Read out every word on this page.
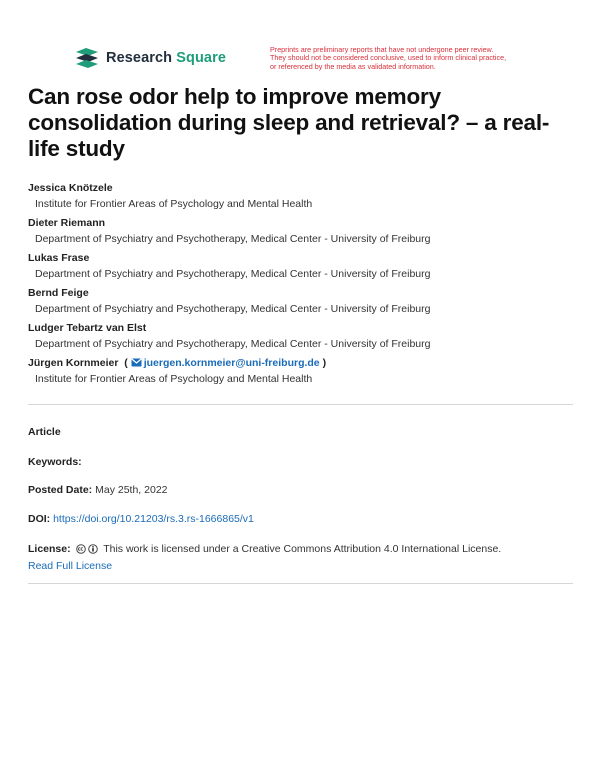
Research Square
Preprints are preliminary reports that have not undergone peer review.
They should not be considered conclusive, used to inform clinical practice,
or referenced by the media as validated information.
Can rose odor help to improve memory consolidation during sleep and retrieval? – a real-life study
Jessica Knötzele
Institute for Frontier Areas of Psychology and Mental Health
Dieter Riemann
Department of Psychiatry and Psychotherapy, Medical Center - University of Freiburg
Lukas Frase
Department of Psychiatry and Psychotherapy, Medical Center - University of Freiburg
Bernd Feige
Department of Psychiatry and Psychotherapy, Medical Center - University of Freiburg
Ludger Tebartz van Elst
Department of Psychiatry and Psychotherapy, Medical Center - University of Freiburg
Jürgen Kornmeier  ( juergen.kornmeier@uni-freiburg.de )
Institute for Frontier Areas of Psychology and Mental Health
Article
Keywords:
Posted Date: May 25th, 2022
DOI: https://doi.org/10.21203/rs.3.rs-1666865/v1
License:	This work is licensed under a Creative Commons Attribution 4.0 International License.
Read Full License
